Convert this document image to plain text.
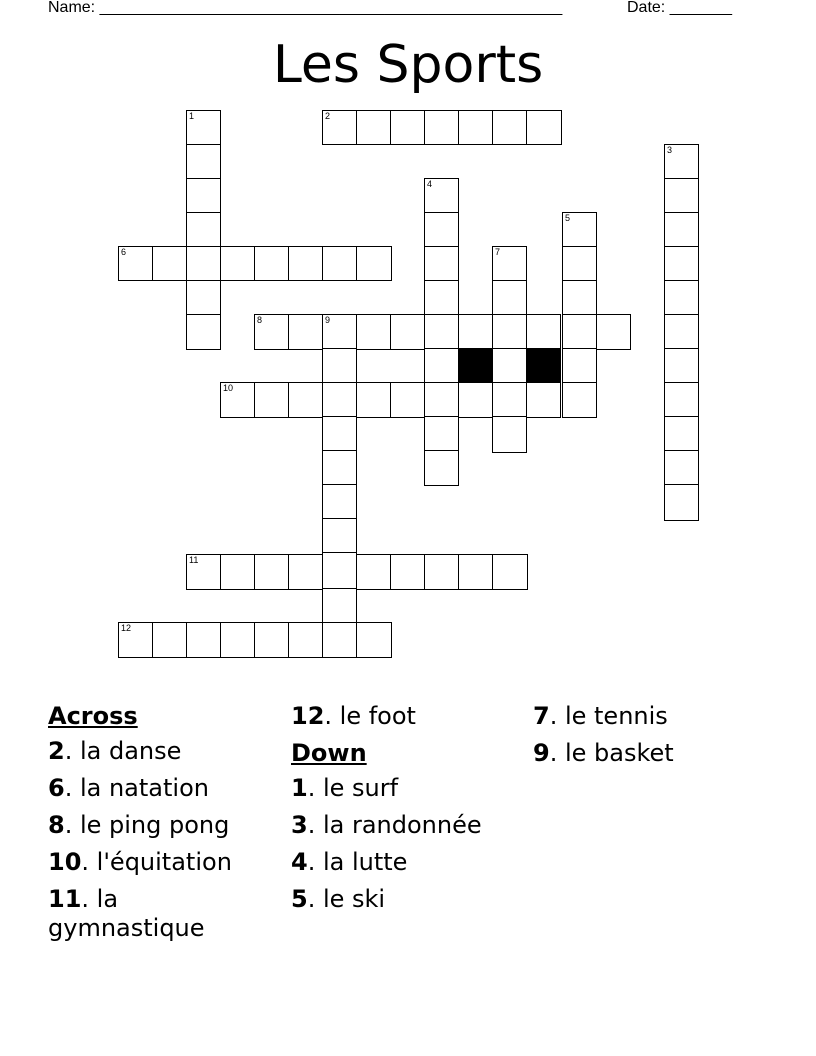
Name: ____________________________________________________	Date: _______
Les Sports
1	2
3
4
5
6	7
8	9
10
11
12
Across
2. la danse
6. la natation
8. le ping pong
10. l'équitation
11. la gymnastique
12. le foot
Down
1. le surf
3. la randonnée
4. la lutte
5. le ski
7. le tennis
9. le basket
